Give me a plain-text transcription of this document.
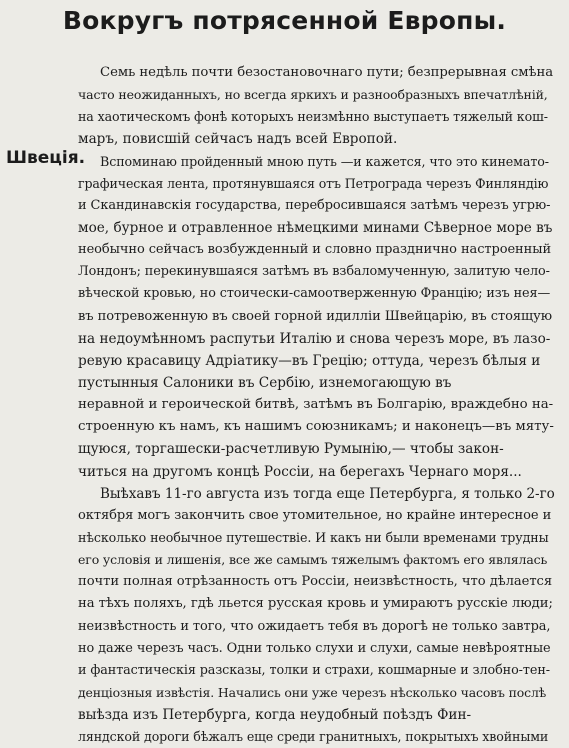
Вокругъ потрясенной Европы.
Швеція.
Семь недѣль почти безостановочнаго пути; безпрерывная смѣна
часто неожиданныхъ, но всегда яркихъ и разнообразныхъ впечатлѣній,
на хаотическомъ фонѣ которыхъ неизмѣнно выступаетъ тяжелый кош-
маръ, повисшій сейчасъ надъ всей Европой.
Вспоминаю пройденный мною путь —и кажется, что это кинемато-
графическая лента, протянувшаяся отъ Петрограда черезъ Финляндію
и Скандинавскія государства, перебросившаяся затѣмъ черезъ угрю-
мое, бурное и отравленное нѣмецкими минами Сѣверное море въ
необычно сейчасъ возбужденный и словно празднично настроенный
Лондонъ; перекинувшаяся затѣмъ въ взбаломученную, залитую чело-
вѣческой кровью, но стоически-самоотверженную Францію; изъ нея—
въ потревоженную въ своей горной идилліи Швейцарію, въ стоящую
на недоумѣнномъ распутьи Италію и снова черезъ море, въ лазо-
ревую красавицу Адріатику—въ Грецію; оттуда, черезъ бѣлыя и
пустынныя Салоники въ Сербію, изнемогающую въ
неравной и героической битвѣ, затѣмъ въ Болгарію, враждебно на-
строенную къ намъ, къ нашимъ союзникамъ; и наконецъ—въ мяту-
щуюся, торгашески-расчетливую Румынію,— чтобы закон-
читься на другомъ концѣ Россіи, на берегахъ Чернаго моря...
Выѣхавъ 11-го августа изъ тогда еще Петербурга, я только 2-го
октября могъ закончить свое утомительное, но крайне интересное и
нѣсколько необычное путешествіе. И какъ ни были временами трудны
его условія и лишенія, все же самымъ тяжелымъ фактомъ его являлась
почти полная отрѣзанность отъ Россіи, неизвѣстность, что дѣлается
на тѣхъ поляхъ, гдѣ льется русская кровь и умираютъ русскіе люди;
неизвѣстность и того, что ожидаетъ тебя въ дорогѣ не только завтра,
но даже черезъ часъ. Одни только слухи и слухи, самые невѣроятные
и фантастическія разсказы, толки и страхи, кошмарные и злобно-тен-
денціозныя извѣстія. Начались они уже черезъ нѣсколько часовъ послѣ
выѣзда изъ Петербурга, когда неудобный поѣздъ Фин-
ляндской дороги бѣжалъ еще среди гранитныхъ, покрытыхъ хвойными
